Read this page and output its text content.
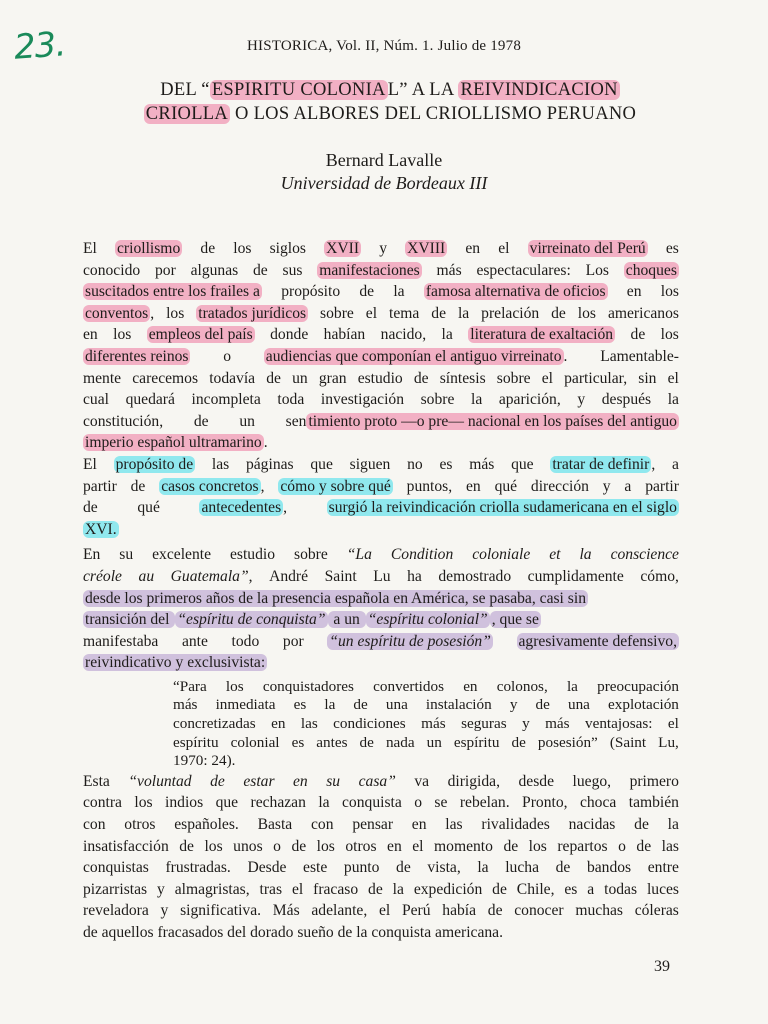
23.	HISTORICA, Vol. II, Núm. 1. Julio de 1978
DEL “ ESPIRITU COLONIA L” A LA REIVINDICACION
CRIOLLA O LOS ALBORES DEL CRIOLLISMO PERUANO
Bernard Lavalle
Universidad de Bordeaux III
El criollismo de los siglos XVII y XVIII en el virreinato del Perú es
conocido por algunas de sus manifestaciones más espectaculares: Los choques
suscitados entre los frailes a propósito de la famosa alternativa de oficios en los
conventos , los tratados jurídicos sobre el tema de la prelación de los americanos
en los empleos del país donde habían nacido, la literatura de exaltación de los
diferentes reinos o audiencias que componían el antiguo virreinato . Lamentable-
mente carecemos todavía de un gran estudio de síntesis sobre el particular, sin el
cual quedará incompleta toda investigación sobre la aparición, y después la
constitución, de un sen timiento proto —o pre— nacional en los países del antiguo
imperio español ultramarino .
El propósito de las páginas que siguen no es más que tratar de definir , a
partir de casos concretos , cómo y sobre qué puntos, en qué dirección y a partir
de	qué	antecedentes ,	surgió la reivindicación criolla sudamericana en el siglo
XVI.
En su excelente estudio sobre “La Condition coloniale et la conscience
créole au Guatemala”, André Saint Lu ha demostrado cumplidamente cómo,
desde los primeros años de la presencia española en América, se pasaba, casi sin
transición del “espíritu de conquista” a un “espíritu colonial” , que se
manifestaba ante todo por “un espíritu de posesión” agresivamente defensivo,
reivindicativo y exclusivista:
“Para los conquistadores convertidos en colonos, la preocupación
más inmediata es la de una instalación y de una explotación
concretizadas en las condiciones más seguras y más ventajosas: el
espíritu colonial es antes de nada un espíritu de posesión” (Saint Lu,
1970: 24).
Esta “voluntad de estar en su casa” va dirigida, desde luego, primero
contra los indios que rechazan la conquista o se rebelan. Pronto, choca también
con otros españoles. Basta con pensar en las rivalidades nacidas de la
insatisfacción de los unos o de los otros en el momento de los repartos o de las
conquistas frustradas. Desde este punto de vista, la lucha de bandos entre
pizarristas y almagristas, tras el fracaso de la expedición de Chile, es a todas luces
reveladora y significativa. Más adelante, el Perú había de conocer muchas cóleras
de aquellos fracasados del dorado sueño de la conquista americana.
39
